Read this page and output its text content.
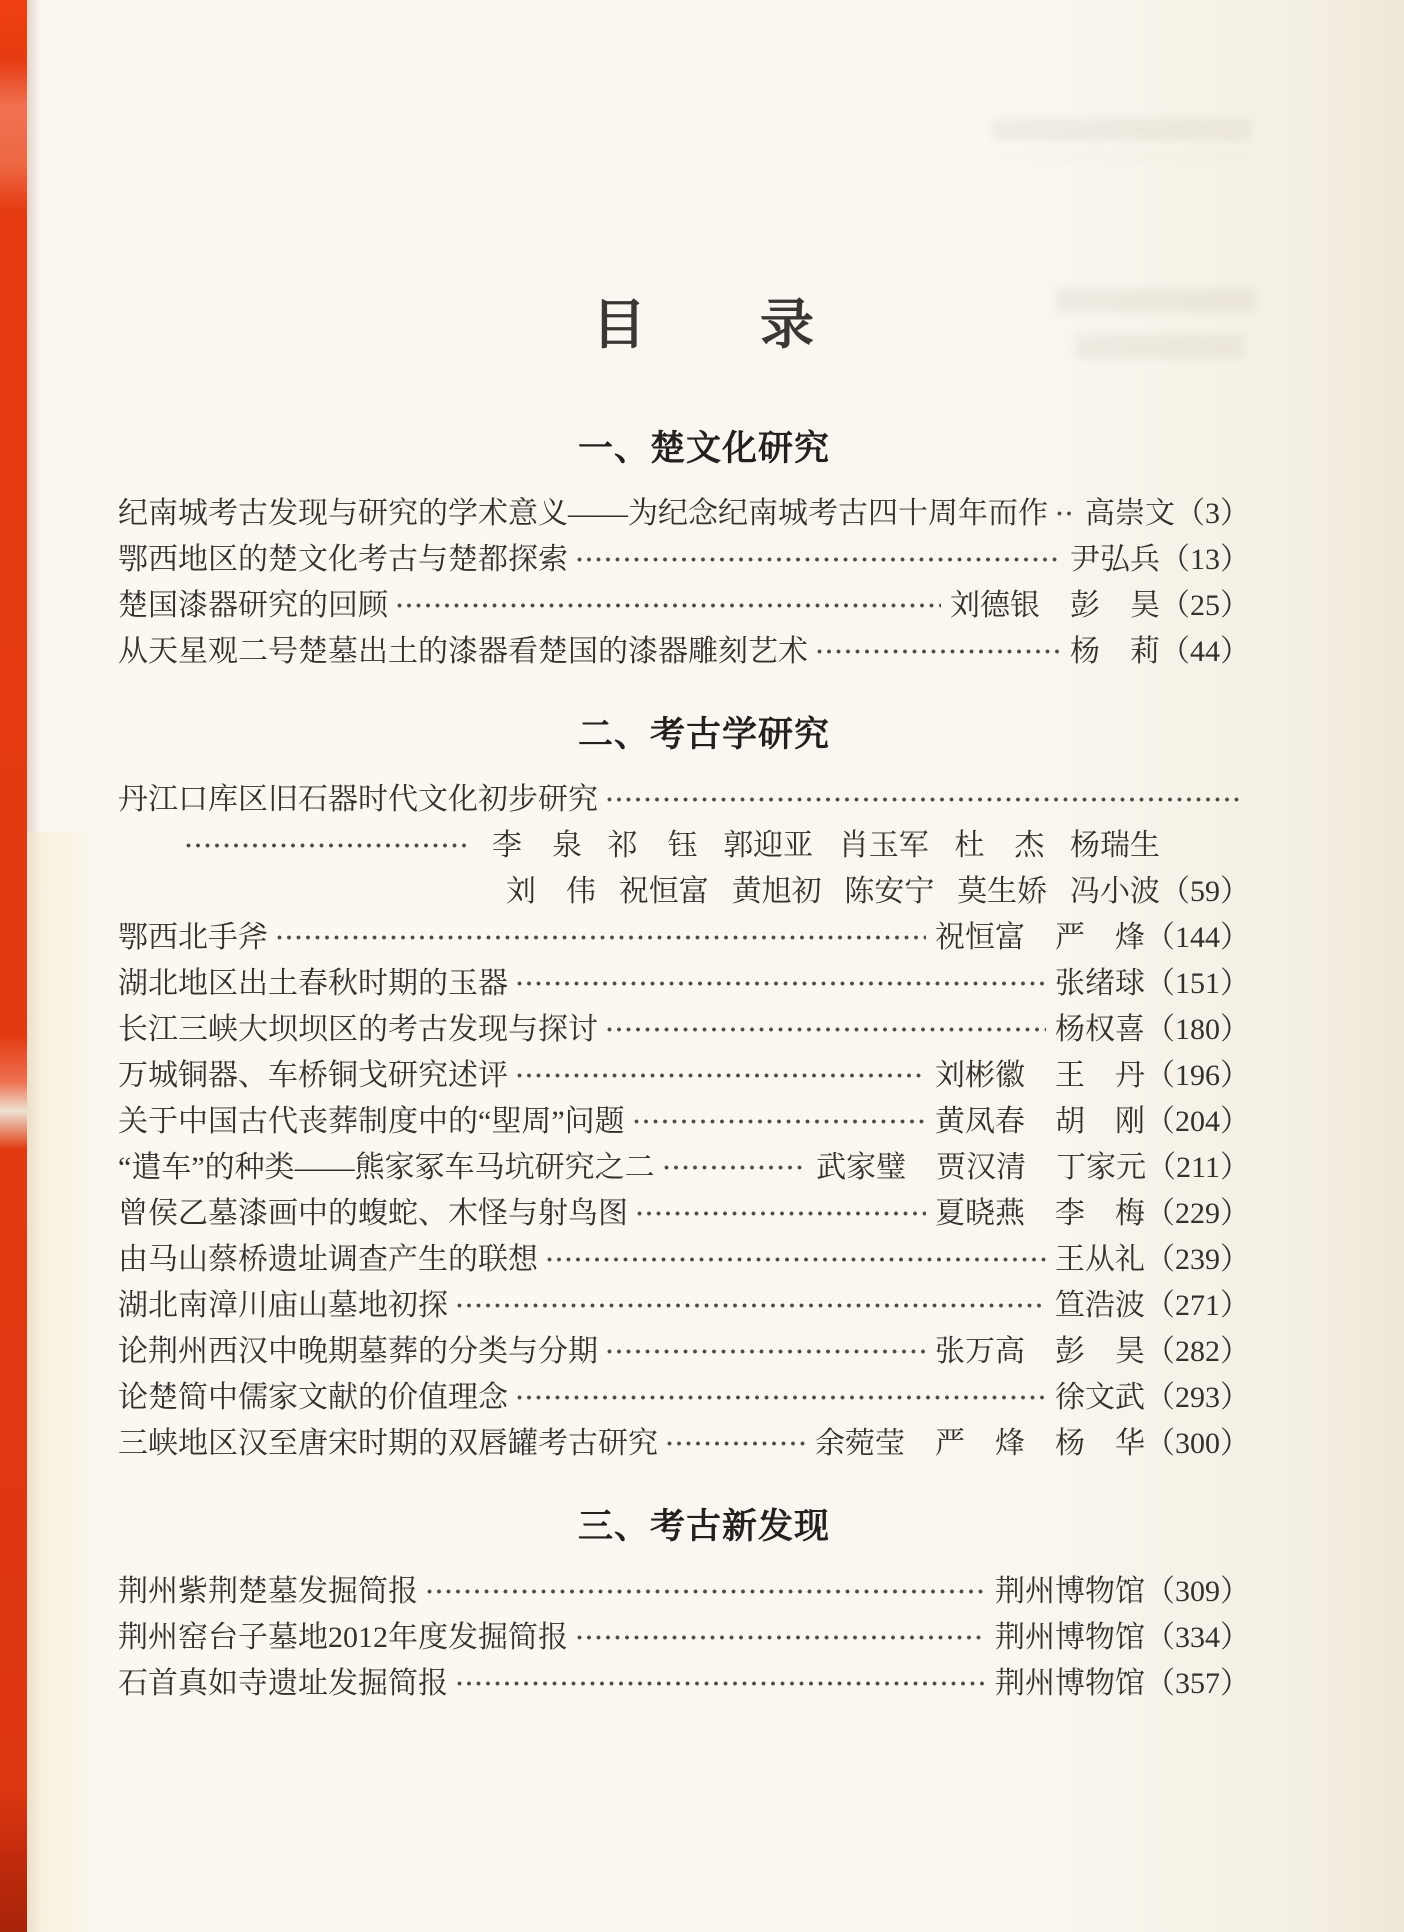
目　　录
一、楚文化研究
纪南城考古发现与研究的学术意义——为纪念纪南城考古四十周年而作 高崇文 （3）
鄂西地区的楚文化考古与楚都探索	尹弘兵 （13）
楚国漆器研究的回顾	刘德银　彭　昊 （25）
从天星观二号楚墓出土的漆器看楚国的漆器雕刻艺术	杨　莉 （44）
二、考古学研究
丹江口库区旧石器时代文化初步研究
李　泉 祁　钰 郭迎亚 肖玉军 杜　杰 杨瑞生
刘　伟 祝恒富 黄旭初 陈安宁 莫生娇 冯小波 （59）
鄂西北手斧	祝恒富　严　烽 （144）
湖北地区出土春秋时期的玉器	张绪球 （151）
长江三峡大坝坝区的考古发现与探讨	杨权喜 （180）
万城铜器、车桥铜戈研究述评	刘彬徽　王　丹 （196）
关于中国古代丧葬制度中的“堲周”问题	黄凤春　胡　刚 （204）
“遣车”的种类——熊家冢车马坑研究之二	武家璧　贾汉清　丁家元 （211）
曾侯乙墓漆画中的蝮蛇、木怪与射鸟图	夏晓燕　李　梅 （229）
由马山蔡桥遗址调查产生的联想	王从礼 （239）
湖北南漳川庙山墓地初探	笪浩波 （271）
论荆州西汉中晚期墓葬的分类与分期	张万高　彭　昊 （282）
论楚简中儒家文献的价值理念	徐文武 （293）
三峡地区汉至唐宋时期的双唇罐考古研究	余菀莹　严　烽　杨　华 （300）
三、考古新发现
荆州紫荆楚墓发掘简报	荆州博物馆 （309）
荆州窑台子墓地2012年度发掘简报	荆州博物馆 （334）
石首真如寺遗址发掘简报	荆州博物馆 （357）
